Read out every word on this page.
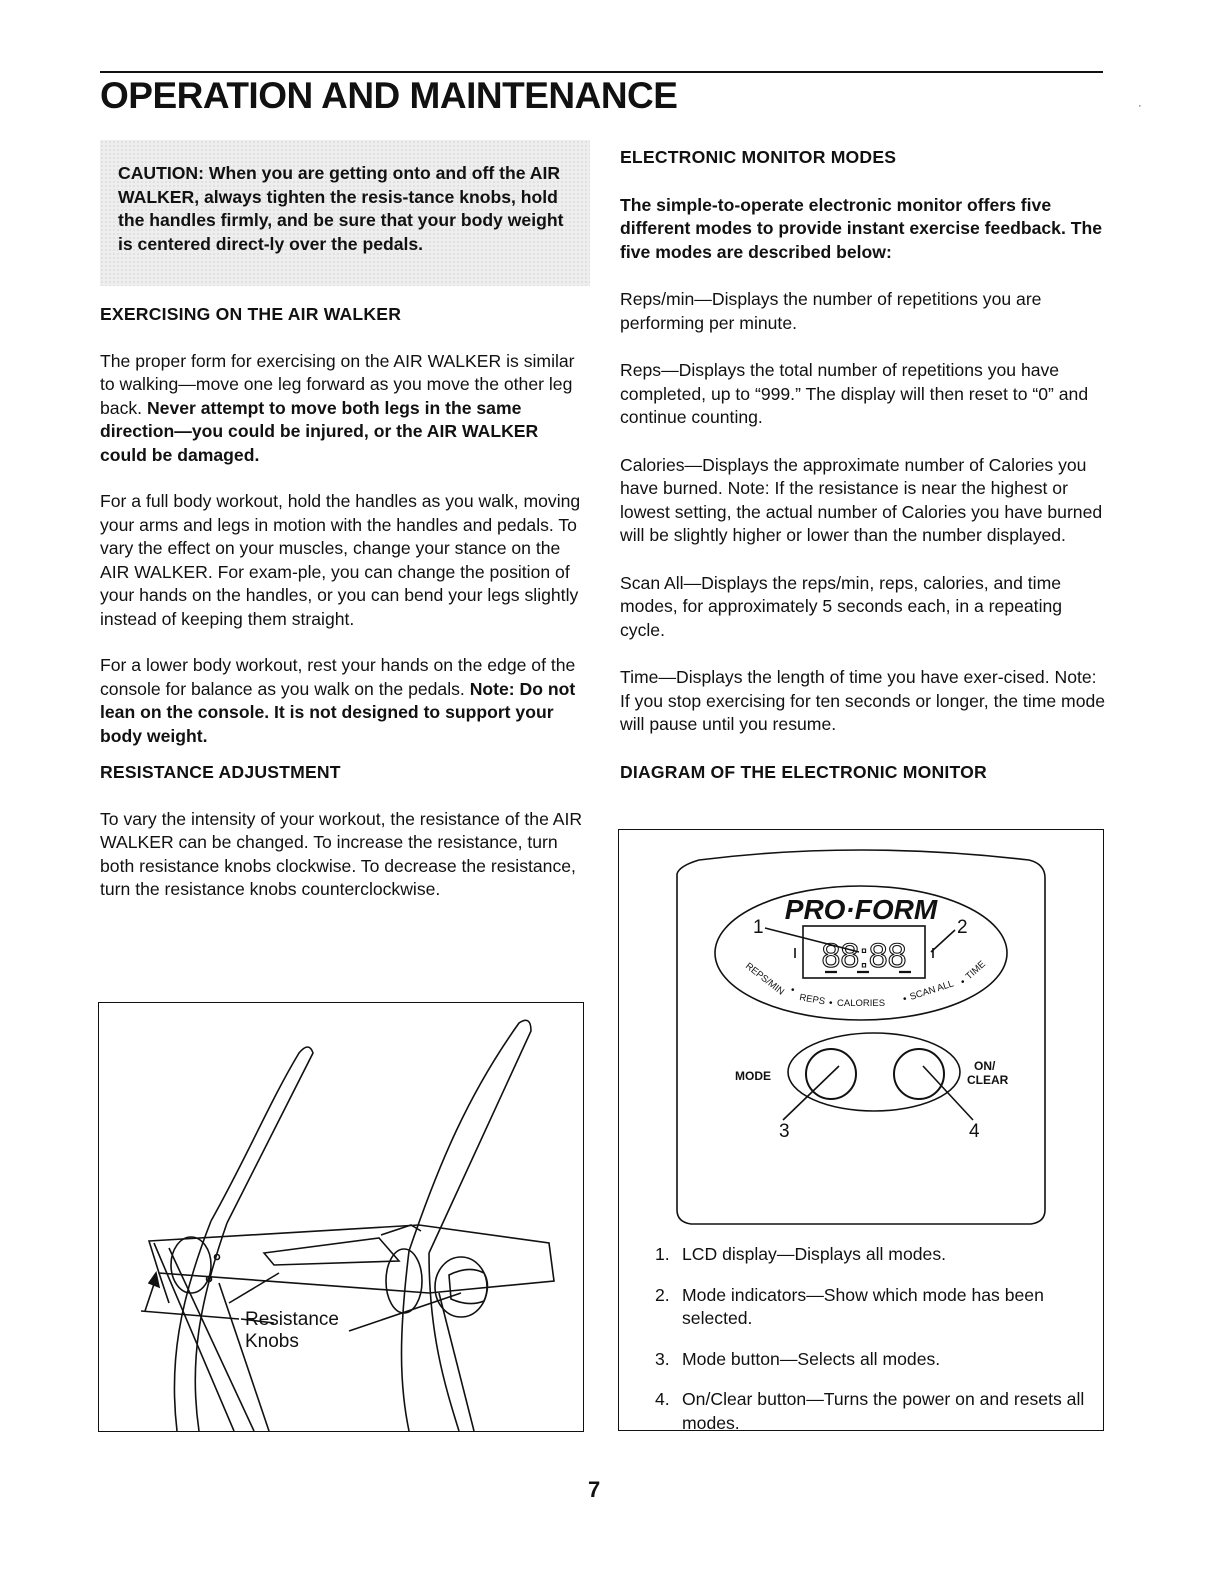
OPERATION AND MAINTENANCE	·
CAUTION: When you are getting onto and off the AIR WALKER, always tighten the resis-tance knobs, hold the handles firmly, and be sure that your body weight is centered direct-ly over the pedals.
EXERCISING ON THE AIR WALKER

The proper form for exercising on the AIR WALKER is similar to walking—move one leg forward as you move the other leg back. Never attempt to move both legs in the same direction—you could be injured, or the AIR WALKER could be damaged.

For a full body workout, hold the handles as you walk, moving your arms and legs in motion with the handles and pedals. To vary the effect on your muscles, change your stance on the AIR WALKER. For exam-ple, you can change the position of your hands on the handles, or you can bend your legs slightly instead of keeping them straight.

For a lower body workout, rest your hands on the edge of the console for balance as you walk on the pedals. Note: Do not lean on the console. It is not designed to support your body weight.

RESISTANCE ADJUSTMENT

To vary the intensity of your workout, the resistance of the AIR WALKER can be changed. To increase the resistance, turn both resistance knobs clockwise. To decrease the resistance, turn the resistance knobs counterclockwise.

Resistance
Knobs
ELECTRONIC MONITOR MODES

The simple-to-operate electronic monitor offers five different modes to provide instant exercise feedback. The five modes are described below:

Reps/min—Displays the number of repetitions you are performing per minute.

Reps—Displays the total number of repetitions you have completed, up to “999.” The display will then reset to “0” and continue counting.

Calories—Displays the approximate number of Calories you have burned. Note: If the resistance is near the highest or lowest setting, the actual number of Calories you have burned will be slightly higher or lower than the number displayed.

Scan All—Displays the reps/min, reps, calories, and time modes, for approximately 5 seconds each, in a repeating cycle.

Time—Displays the length of time you have exer-cised. Note: If you stop exercising for ten seconds or longer, the time mode will pause until you resume.

DIAGRAM OF THE ELECTRONIC MONITOR
PRO·FORM
88:88
REPS/MIN
REPS CALORIES
SCAN ALL
TIME
•
•	•
•
1	2
MODE
ON/
CLEAR
3	4
1. LCD display—Displays all modes.
2. Mode indicators—Show which mode has been selected.
3. Mode button—Selects all modes.
4. On/Clear button—Turns the power on and resets all modes.
7
